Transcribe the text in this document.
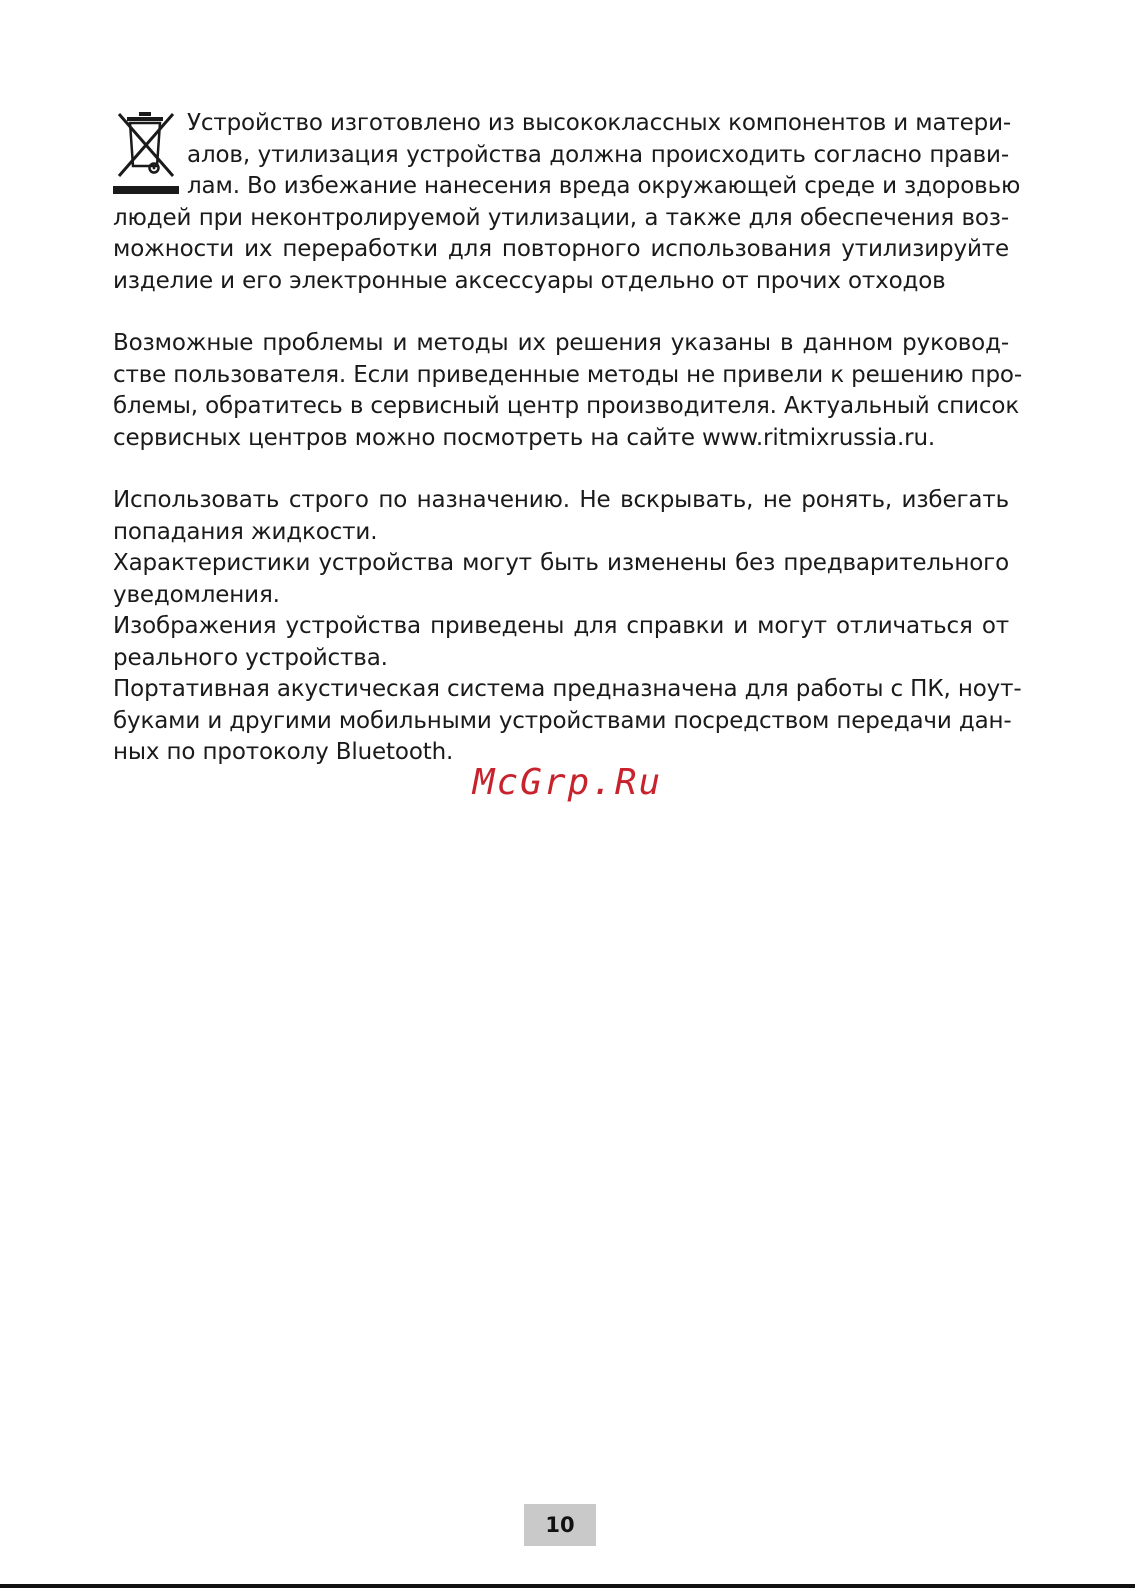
Устройство изготовлено из высококлассных компонентов и матери-
алов, утилизация устройства должна происходить согласно прави-
лам. Во избежание нанесения вреда окружающей среде и здоровью
людей при неконтролируемой утилизации, а также для обеспечения воз-
можности их переработки для повторного использования утилизируйте
изделие и его электронные аксессуары отдельно от прочих отходов
Возможные проблемы и методы их решения указаны в данном руковод-
стве пользователя. Если приведенные методы не привели к решению про-
блемы, обратитесь в сервисный центр производителя. Актуальный список
сервисных центров можно посмотреть на сайте www.ritmixrussia.ru.
Использовать строго по назначению. Не вскрывать, не ронять, избегать
попадания жидкости.
Характеристики устройства могут быть изменены без предварительного
уведомления.
Изображения устройства приведены для справки и могут отличаться от
реального устройства.
Портативная акустическая система предназначена для работы с ПК, ноут-
буками и другими мобильными устройствами посредством передачи дан-
ных по протоколу Bluetooth.
McGrp.Ru
10
